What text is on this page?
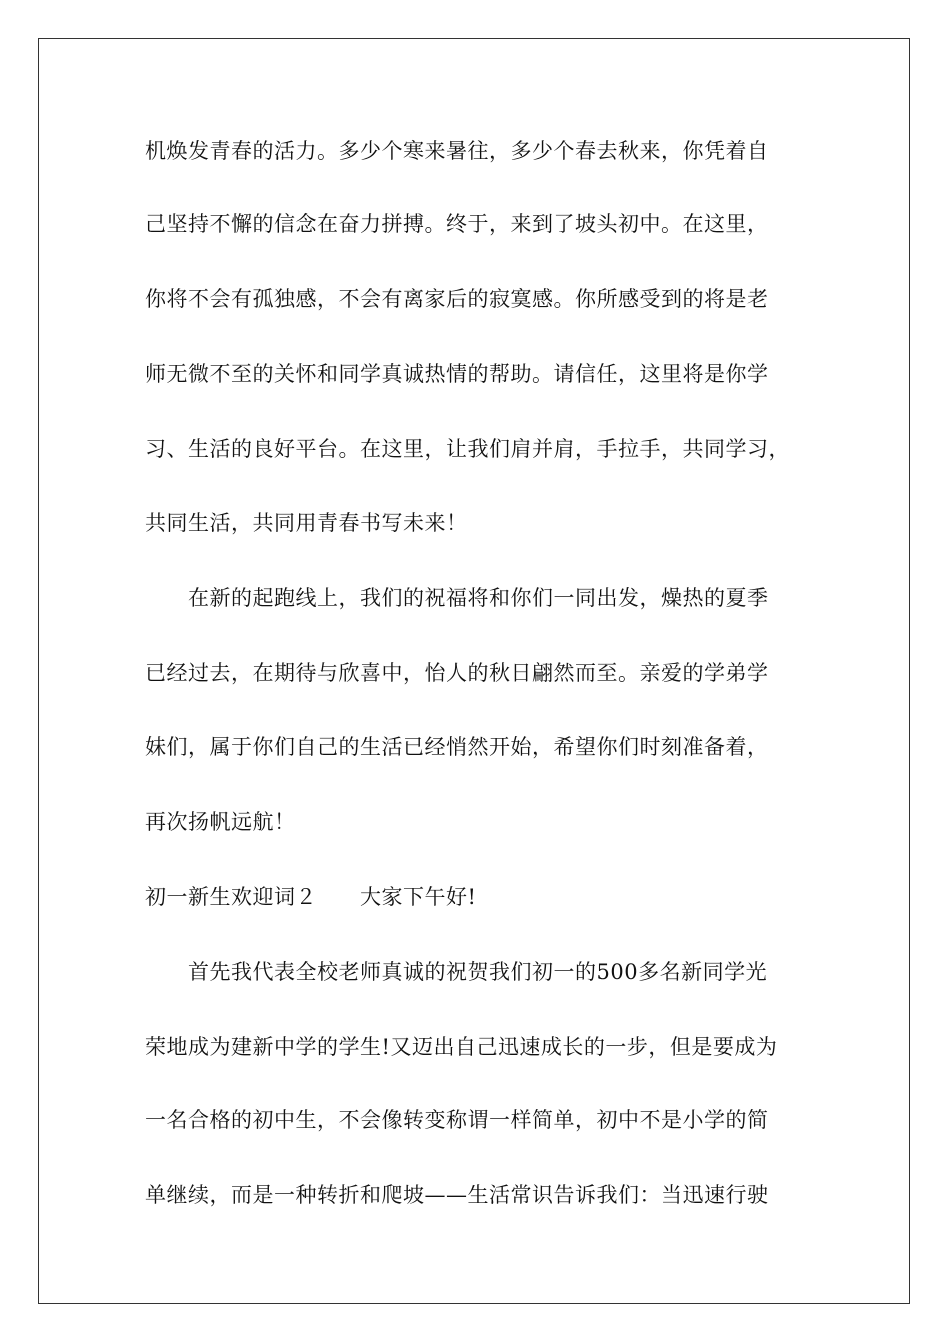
机焕发青春的活力。多少个寒来暑往，多少个春去秋来，你凭着自
己坚持不懈的信念在奋力拼搏。终于，来到了坡头初中。在这里，
你将不会有孤独感，不会有离家后的寂寞感。你所感受到的将是老
师无微不至的关怀和同学真诚热情的帮助。请信任，这里将是你学
习、生活的良好平台。在这里，让我们肩并肩，手拉手，共同学习，
共同生活，共同用青春书写未来！
在新的起跑线上，我们的祝福将和你们一同出发，燥热的夏季
已经过去，在期待与欣喜中，怡人的秋日翩然而至。亲爱的学弟学
妹们，属于你们自己的生活已经悄然开始，希望你们时刻准备着，
再次扬帆远航！
初一新生欢迎词２　　大家下午好!
首先我代表全校老师真诚的祝贺我们初一的500多名新同学光
荣地成为建新中学的学生!又迈出自己迅速成长的一步，但是要成为
一名合格的初中生，不会像转变称谓一样简单，初中不是小学的简
单继续，而是一种转折和爬坡——生活常识告诉我们：当迅速行驶
